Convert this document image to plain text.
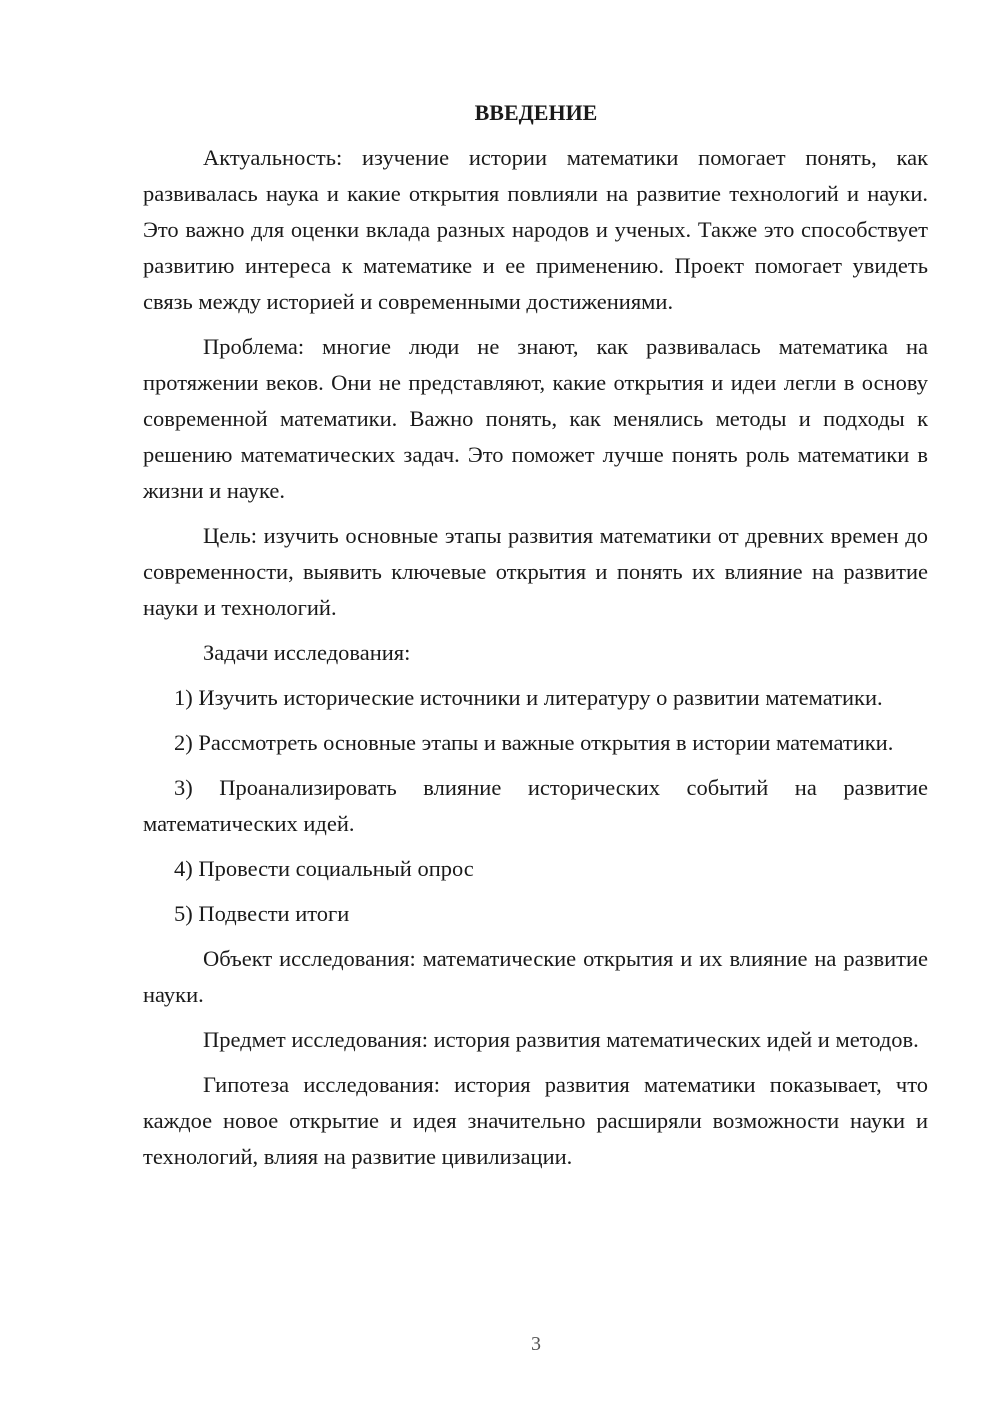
ВВЕДЕНИЕ

Актуальность: изучение истории математики помогает понять, как развивалась наука и какие открытия повлияли на развитие технологий и науки. Это важно для оценки вклада разных народов и ученых. Также это способствует развитию интереса к математике и ее применению. Проект помогает увидеть связь между историей и современными достижениями.

Проблема: многие люди не знают, как развивалась математика на протяжении веков. Они не представляют, какие открытия и идеи легли в основу современной математики. Важно понять, как менялись методы и подходы к решению математических задач. Это поможет лучше понять роль математики в жизни и науке.

Цель: изучить основные этапы развития математики от древних времен до современности, выявить ключевые открытия и понять их влияние на развитие науки и технологий.

Задачи исследования:

1) Изучить исторические источники и литературу о развитии математики.

2) Рассмотреть основные этапы и важные открытия в истории математики.

3) Проанализировать влияние исторических событий на развитие математических идей.

4) Провести социальный опрос

5) Подвести итоги

Объект исследования: математические открытия и их влияние на развитие науки.

Предмет исследования: история развития математических идей и методов.

Гипотеза исследования: история развития математики показывает, что каждое новое открытие и идея значительно расширяли возможности науки и технологий, влияя на развитие цивилизации.

3
